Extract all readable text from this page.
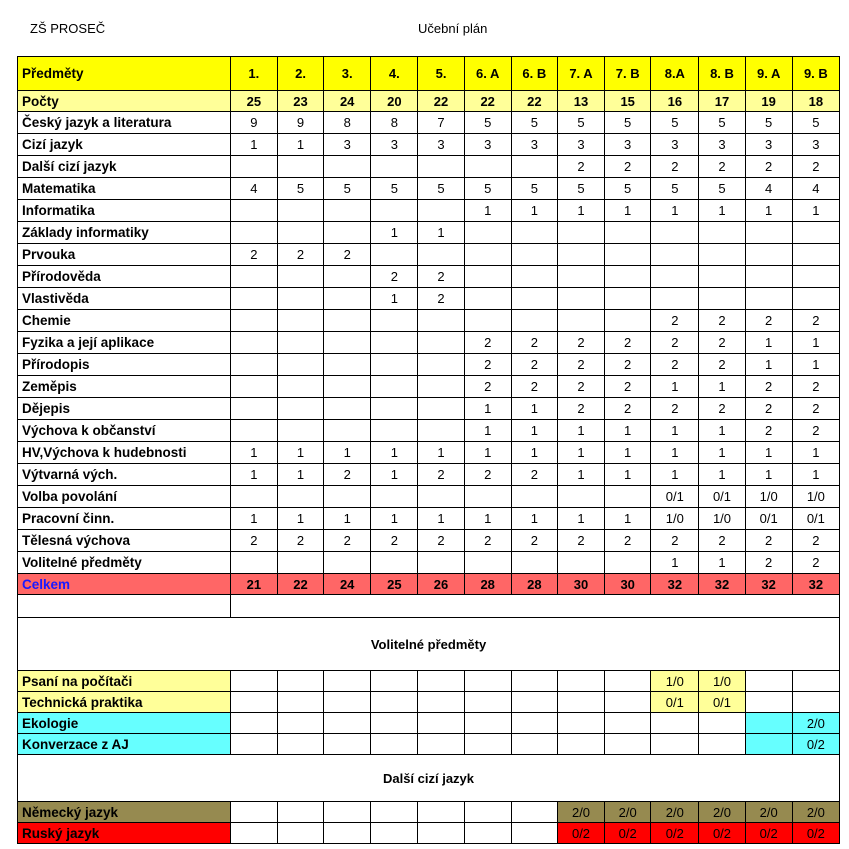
ZŠ PROSEČ	Učební plán
Předměty	1.	2.	3.	4.	5.	6. A	6. B	7. A	7. B	8.A	8. B	9. A	9. B
Počty	25	23	24	20	22	22	22	13	15	16	17	19	18
Český jazyk a literatura	9	9	8	8	7	5	5	5	5	5	5	5	5
Cizí jazyk	1	1	3	3	3	3	3	3	3	3	3	3	3
Další cizí jazyk								2	2	2	2	2	2
Matematika	4	5	5	5	5	5	5	5	5	5	5	4	4
Informatika						1	1	1	1	1	1	1	1
Základy informatiky				1	1								
Prvouka	2	2	2										
Přírodověda				2	2								
Vlastivěda				1	2								
Chemie										2	2	2	2
Fyzika a její aplikace						2	2	2	2	2	2	1	1
Přírodopis						2	2	2	2	2	2	1	1
Zeměpis						2	2	2	2	1	1	2	2
Dějepis						1	1	2	2	2	2	2	2
Výchova k občanství						1	1	1	1	1	1	2	2
HV,Výchova k hudebnosti	1	1	1	1	1	1	1	1	1	1	1	1	1
Výtvarná vých.	1	1	2	1	2	2	2	1	1	1	1	1	1
Volba povolání										0/1	0/1	1/0	1/0
Pracovní činn.	1	1	1	1	1	1	1	1	1	1/0	1/0	0/1	0/1
Tělesná výchova	2	2	2	2	2	2	2	2	2	2	2	2	2
Volitelné předměty										1	1	2	2
Celkem	21	22	24	25	26	28	28	30	30	32	32	32	32

Volitelné předměty													
Psaní na počítači										1/0	1/0		
Technická praktika										0/1	0/1		
Ekologie													2/0
Konverzace z AJ													0/2
Další cizí jazyk													
Německý jazyk								2/0	2/0	2/0	2/0	2/0	2/0
Ruský jazyk								0/2	0/2	0/2	0/2	0/2	0/2
